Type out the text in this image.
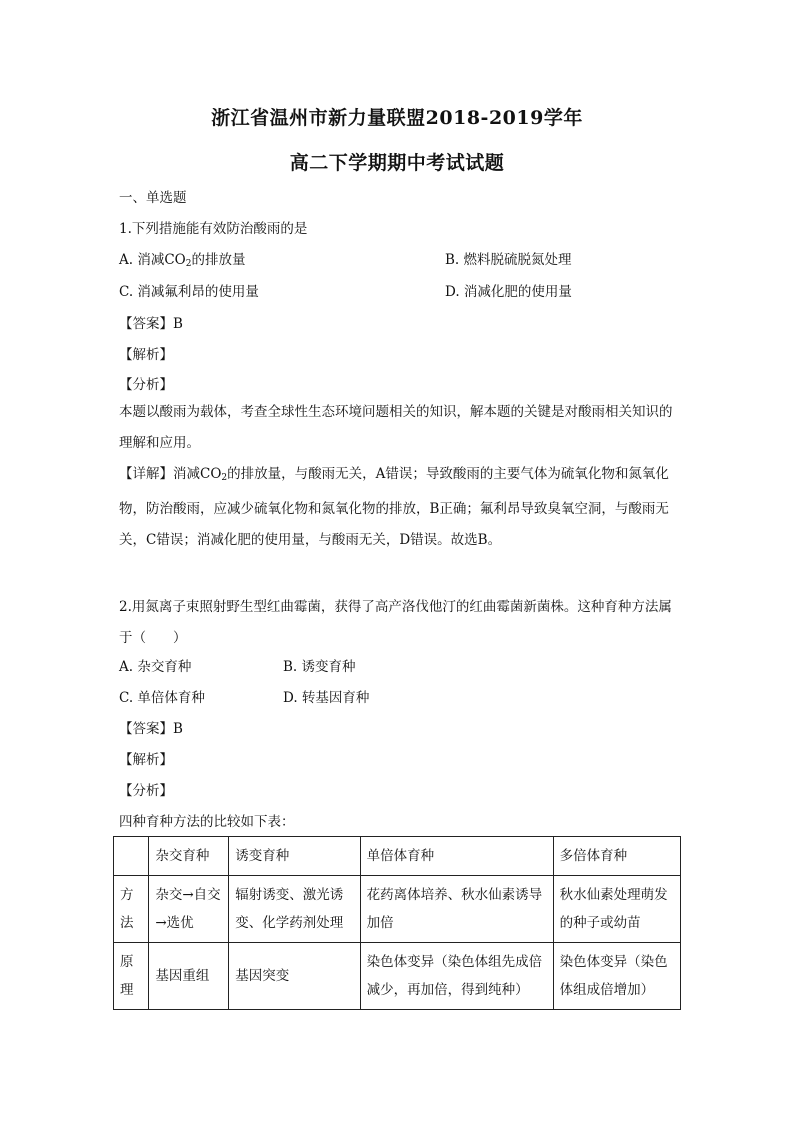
浙江省温州市新力量联盟2018-2019学年
高二下学期期中考试试题
一、单选题
1.下列措施能有效防治酸雨的是
A. 消减$CO_2$的排放量	B. 燃料脱硫脱氮处理
C. 消减氟利昂的使用量	D. 消减化肥的使用量
【答案】B
【解析】
【分析】
本题以酸雨为载体，考查全球性生态环境问题相关的知识，解本题的关键是对酸雨相关知识的理解和应用。
【详解】消减$CO_2$的排放量，与酸雨无关，A错误；导致酸雨的主要气体为硫氧化物和氮氧化物，防治酸雨，应减少硫氧化物和氮氧化物的排放，B正确；氟利昂导致臭氧空洞，与酸雨无关，C错误；消减化肥的使用量，与酸雨无关，D错误。故选B。
2.用氮离子束照射野生型红曲霉菌，获得了高产洛伐他汀的红曲霉菌新菌株。这种育种方法属于（　　）
A. 杂交育种	B. 诱变育种
C. 单倍体育种	D. 转基因育种
【答案】B
【解析】
【分析】
四种育种方法的比较如下表：
	杂交育种	诱变育种	单倍体育种	多倍体育种
方法	杂交→自交→选优	辐射诱变、激光诱变、化学药剂处理	花药离体培养、秋水仙素诱导加倍	秋水仙素处理萌发的种子或幼苗
原理	基因重组	基因突变	染色体变异（染色体组先成倍减少，再加倍，得到纯种）	染色体变异（染色体组成倍增加）
